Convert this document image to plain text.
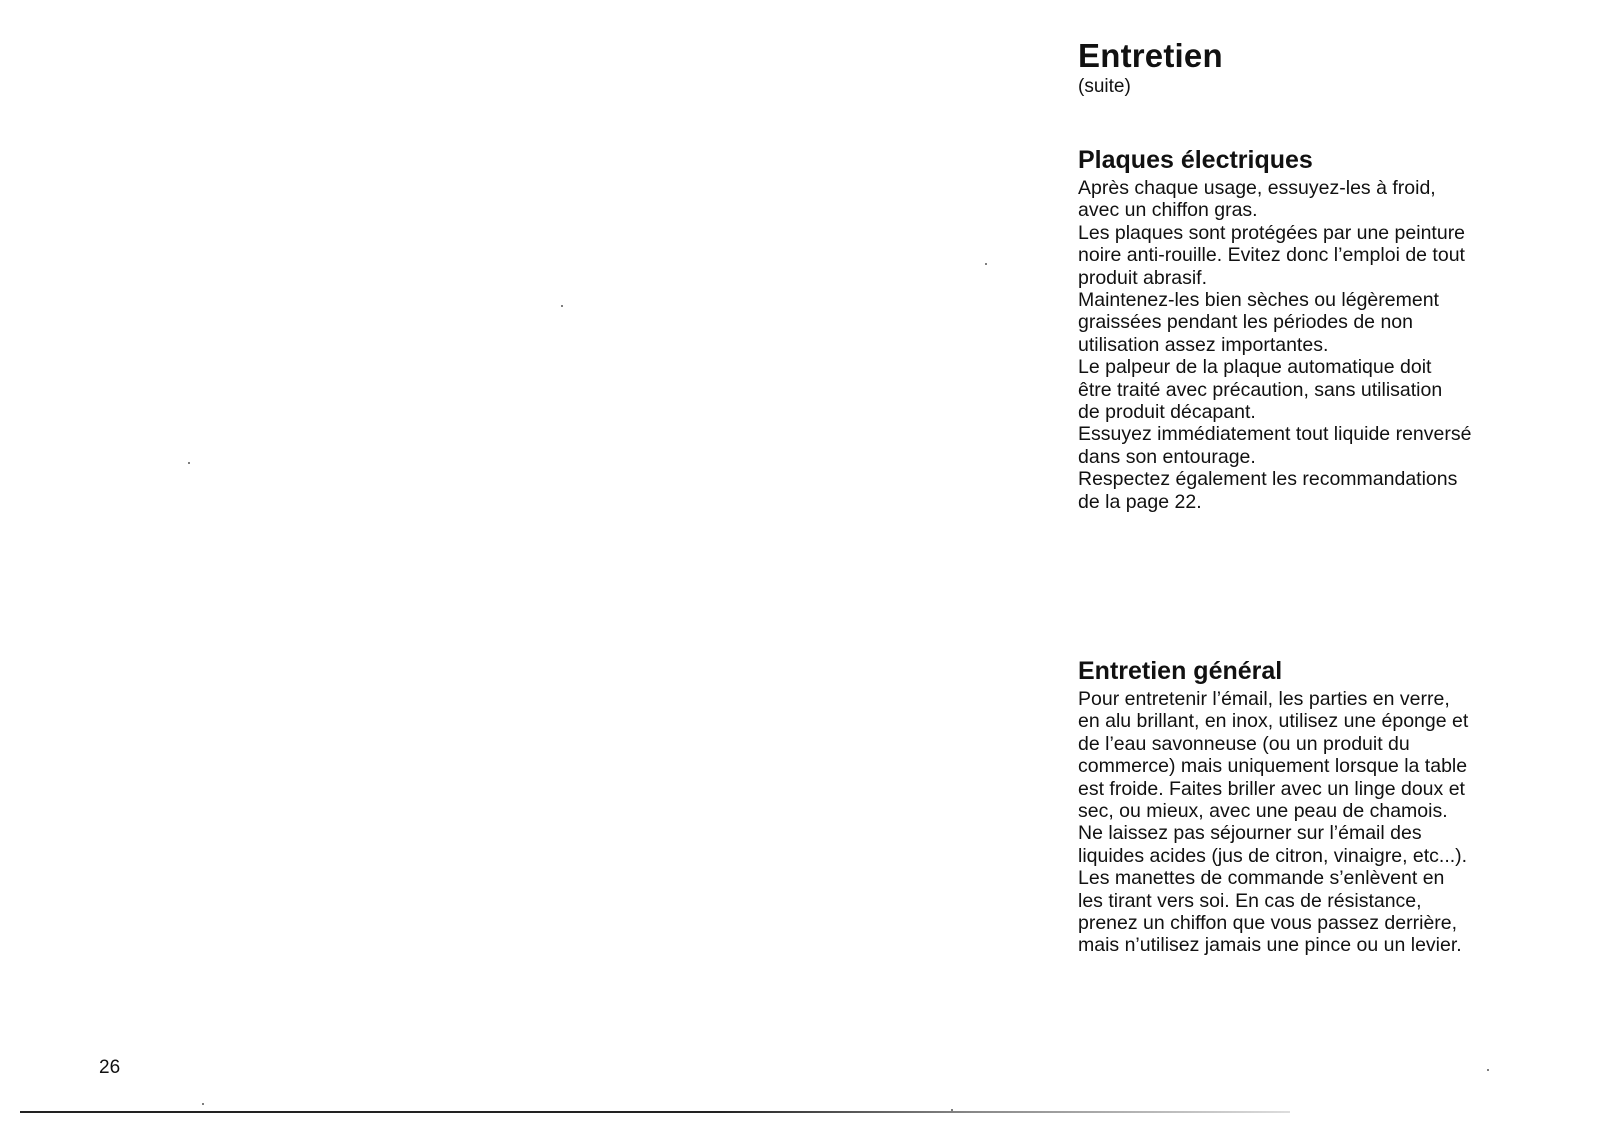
Entretien

(suite)

Plaques électriques

Après chaque usage, essuyez-les à froid,
avec un chiffon gras.

Les plaques sont protégées par une peinture
noire anti-rouille. Evitez donc l’emploi de tout
produit abrasif.

Maintenez-les bien sèches ou légèrement
graissées pendant les périodes de non
utilisation assez importantes.

Le palpeur de la plaque automatique doit
être traité avec précaution, sans utilisation
de produit décapant.

Essuyez immédiatement tout liquide renversé
dans son entourage.

Respectez également les recommandations
de la page 22.

Entretien général

Pour entretenir l’émail, les parties en verre,
en alu brillant, en inox, utilisez une éponge et
de l’eau savonneuse (ou un produit du
commerce) mais uniquement lorsque la table
est froide. Faites briller avec un linge doux et
sec, ou mieux, avec une peau de chamois.

Ne laissez pas séjourner sur l’émail des
liquides acides (jus de citron, vinaigre, etc...).

Les manettes de commande s’enlèvent en
les tirant vers soi. En cas de résistance,
prenez un chiffon que vous passez derrière,
mais n’utilisez jamais une pince ou un levier.

26
